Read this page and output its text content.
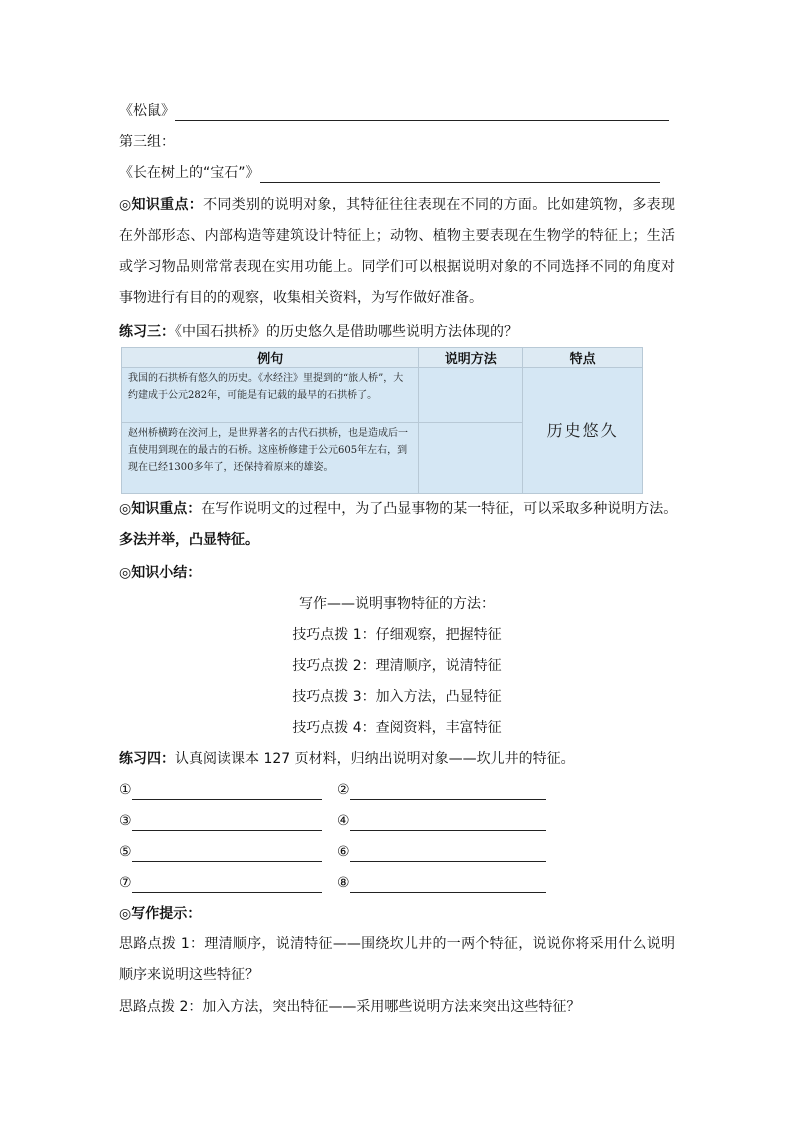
《松鼠》
第三组：
《长在树上的“宝石”》
◎知识重点：不同类别的说明对象，其特征往往表现在不同的方面。比如建筑物，多表现在外部形态、内部构造等建筑设计特征上；动物、植物主要表现在生物学的特征上；生活或学习物品则常常表现在实用功能上。同学们可以根据说明对象的不同选择不同的角度对事物进行有目的的观察，收集相关资料，为写作做好准备。
练习三：《中国石拱桥》的历史悠久是借助哪些说明方法体现的？
例句	说明方法	特点
我国的石拱桥有悠久的历史。《水经注》里提到的“旅人桥”，大约建成于公元282年，可能是有记载的最早的石拱桥了。		历史悠久
赵州桥横跨在洨河上，是世界著名的古代石拱桥，也是造成后一直使用到现在的最古的石桥。这座桥修建于公元605年左右，到现在已经1300多年了，还保持着原来的雄姿。		
◎知识重点：在写作说明文的过程中，为了凸显事物的某一特征，可以采取多种说明方法。
多法并举，凸显特征。
◎知识小结：
写作——说明事物特征的方法：
技巧点拨 1：仔细观察，把握特征
技巧点拨 2：理清顺序，说清特征
技巧点拨 3：加入方法，凸显特征
技巧点拨 4：查阅资料，丰富特征
练习四：认真阅读课本 127 页材料，归纳出说明对象——坎儿井的特征。
①	②
③	④
⑤	⑥
⑦	⑧
◎写作提示：
思路点拨 1：理清顺序，说清特征——围绕坎儿井的一两个特征，说说你将采用什么说明顺序来说明这些特征？
思路点拨 2：加入方法，突出特征——采用哪些说明方法来突出这些特征？
